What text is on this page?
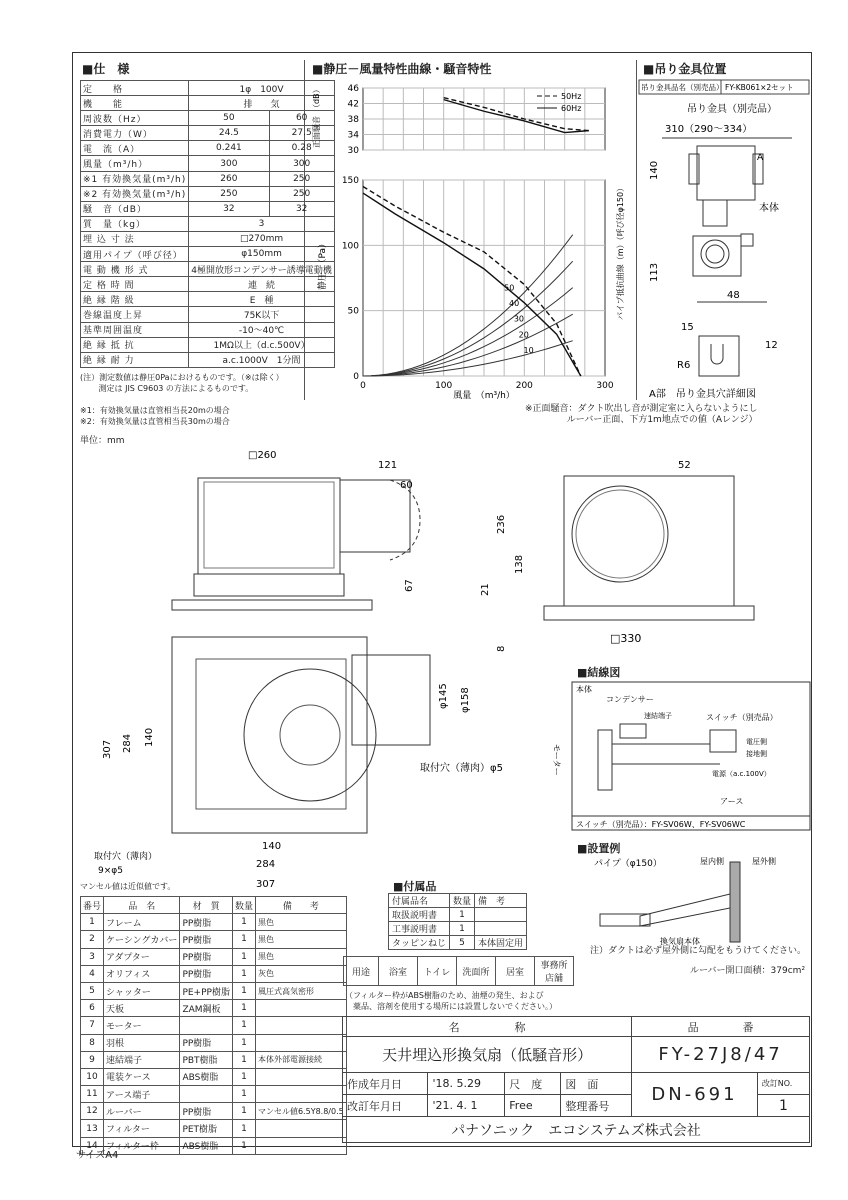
■仕　様	■静圧－風量特性曲線・騒音特性	■吊り金具位置
定　　格	1φ　100V	
機　　能	排　　気	
周波数（Hz）	50	60
消費電力（W）	24.5	27.5
電　流（A）	0.241	0.28
風量（m³/h）	300	300
※1 有効換気量(m³/h)	260	250
※2 有効換気量(m³/h)	250	250
騒　音（dB）	32	32
質　量（kg）	3	
埋 込 寸 法	□270mm	
適用パイプ（呼び径）	φ150mm	
電 動 機 形 式	4極開放形コンデンサー誘導電動機	
定 格 時 間	連　続	
絶 縁 階 級	E　種	
巻線温度上昇	75K以下	
基準周囲温度	-10～40℃	
絶 縁 抵 抗	1MΩ以上（d.c.500V）	
絶 縁 耐 力	a.c.1000V　1分間	
(注）測定数値は静圧0Paにおけるものです。（※は除く）
　　 測定は JIS C9603 の方法によるものです。
※1：有効換気量は直管相当長20mの場合
※2：有効換気量は直管相当長30mの場合
単位：mm
※正面騒音：ダクト吹出し音が測定室に入らないようにし
ルーバー正面、下方1m地点での値（Aレンジ）
30
34
38
42
46
0
50
100
150
0	100	200	300
風量　（m³/h）
正面騒音　（dB）
静圧　（Pa）	パイプ抵抗曲線（m）（呼び径φ150）
50
40
30
20
10
50Hz
60Hz
吊り金具品名（別売品） FY-KB061×2セット
吊り金具（別売品）
310（290～334）
140
本体
A
113
48
15
12
R6
A部　吊り金具穴詳細図
□260
121
60
67
52
236
138
21
8
□330
307 284 140
φ145 φ158
取付穴（薄肉）φ5
140
284
307
取付穴（薄肉）
9×φ5
マンセル値は近似値です。
■結線図
本体
コンデンサー
速結端子	スイッチ（別売品）
モーター
電圧側
接地側
電源（a.c.100V）
アース
スイッチ（別売品）：FY-SV06W、FY-SV06WC
■設置例
パイプ（φ150）	屋内側	屋外側
換気扇本体
注）ダクトは必ず屋外側に勾配をもうけてください。
ルーバー開口面積：379cm²
■付属品
付属品名	数量	備　考
取扱説明書	1	
工事説明書	1	
タッピンねじ	5	本体固定用
用途	浴室	トイレ	洗面所	居室	事務所
店舗
（フィルター枠がABS樹脂のため、油煙の発生、および
　薬品、溶剤を使用する場所には設置しないでください。）
番号	品　名	材　質	数量	備　　考
1	フレーム	PP樹脂	1	黒色
2	ケーシングカバー	PP樹脂	1	黒色
3	アダプター	PP樹脂	1	黒色
4	オリフィス	PP樹脂	1	灰色
5	シャッター	PE+PP樹脂	1	風圧式高気密形
6	天板	ZAM鋼板	1	
7	モーター		1	
8	羽根	PP樹脂	1	
9	速結端子	PBT樹脂	1	本体外部電源接続
10	電装ケース	ABS樹脂	1	
11	アース端子		1	
12	ルーバー	PP樹脂	1	マンセル値6.5Y8.8/0.5
13	フィルター	PET樹脂	1	
14	フィルター枠	ABS樹脂	1	
名　　　　　称				品　　　　番	
天井埋込形換気扇（低騒音形）				FY-27J8/47	
作成年月日	'18. 5.29	尺　度	図　面	DN-691	改訂NO.
改訂年月日	'21. 4. 1	Free	整理番号		1
パナソニック　エコシステムズ株式会社					
サイズA4
